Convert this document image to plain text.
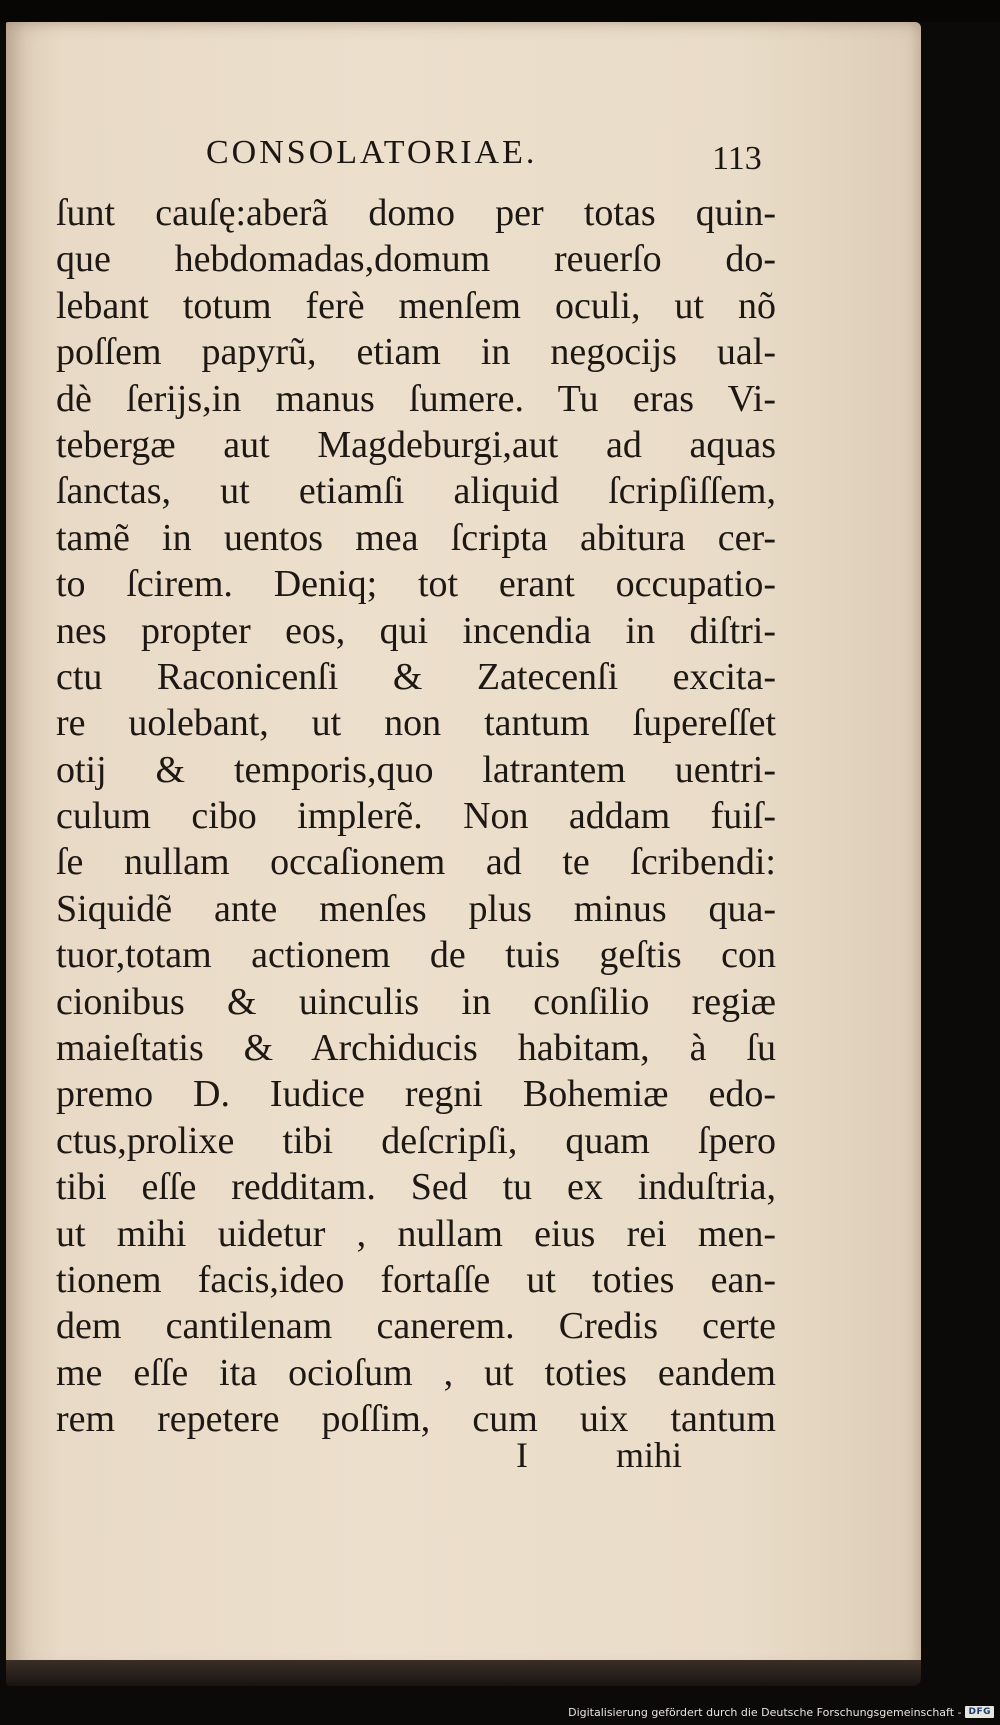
CONSOLATORIAE.	113
ſunt cauſę:aberã domo per totas quin-
que hebdomadas,domum reuerſo do-
lebant totum ferè menſem oculi, ut nõ
poſſem papyrũ, etiam in negocijs ual-
dè ſerijs,in manus ſumere. Tu eras Vi-
tebergæ aut Magdeburgi,aut ad aquas
ſanctas, ut etiamſi aliquid ſcripſiſſem,
tamẽ in uentos mea ſcripta abitura cer-
to ſcirem. Deniq; tot erant occupatio-
nes propter eos, qui incendia in diſtri-
ctu Raconicenſi & Zatecenſi excita-
re uolebant, ut non tantum ſupereſſet
otij & temporis,quo latrantem uentri-
culum cibo implerẽ. Non addam fuiſ-
ſe nullam occaſionem ad te ſcribendi:
Siquidẽ ante menſes plus minus qua-
tuor,totam actionem de tuis geſtis con
cionibus & uinculis in conſilio regiæ
maieſtatis & Archiducis habitam, à ſu
premo D. Iudice regni Bohemiæ edo-
ctus,prolixe tibi deſcripſi, quam ſpero
tibi eſſe redditam. Sed tu ex induſtria,
ut mihi uidetur , nullam eius rei men-
tionem facis,ideo fortaſſe ut toties ean-
dem cantilenam canerem. Credis certe
me eſſe ita ocioſum , ut toties eandem
rem repetere poſſim, cum uix tantum
I mihi
Digitalisierung gefördert durch die Deutsche Forschungsgemeinschaft - DFG
